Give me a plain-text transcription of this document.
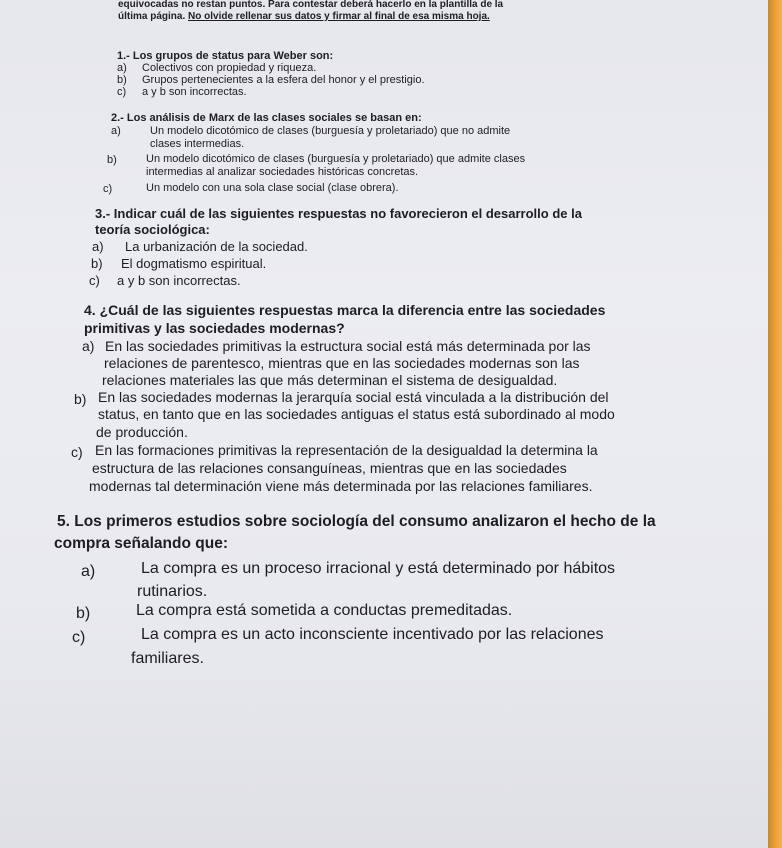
equivocadas no restan puntos. Para contestar deberá hacerlo en la plantilla de la
última página. No olvide rellenar sus datos y firmar al final de esa misma hoja.
1.- Los grupos de status para Weber son:
a) Colectivos con propiedad y riqueza.
b) Grupos pertenecientes a la esfera del honor y el prestigio.
c) a y b son incorrectas.
2.- Los análisis de Marx de las clases sociales se basan en:
a)	Un modelo dicotómico de clases (burguesía y proletariado) que no admite
clases intermedias.
b)	Un modelo dicotómico de clases (burguesía y proletariado) que admite clases
intermedias al analizar sociedades históricas concretas.
c)	Un modelo con una sola clase social (clase obrera).
3.- Indicar cuál de las siguientes respuestas no favorecieron el desarrollo de la
teoría sociológica:
a) La urbanización de la sociedad.
b) El dogmatismo espiritual.
c) a y b son incorrectas.
4. ¿Cuál de las siguientes respuestas marca la diferencia entre las sociedades
primitivas y las sociedades modernas?
a) En las sociedades primitivas la estructura social está más determinada por las
relaciones de parentesco, mientras que en las sociedades modernas son las
relaciones materiales las que más determinan el sistema de desigualdad.
b) En las sociedades modernas la jerarquía social está vinculada a la distribución del
status, en tanto que en las sociedades antiguas el status está subordinado al modo
de producción.
c) En las formaciones primitivas la representación de la desigualdad la determina la
estructura de las relaciones consanguíneas, mientras que en las sociedades
modernas tal determinación viene más determinada por las relaciones familiares.
5. Los primeros estudios sobre sociología del consumo analizaron el hecho de la
compra señalando que:
a)	La compra es un proceso irracional y está determinado por hábitos
rutinarios.
b)	La compra está sometida a conductas premeditadas.
c)	La compra es un acto inconsciente incentivado por las relaciones
familiares.
